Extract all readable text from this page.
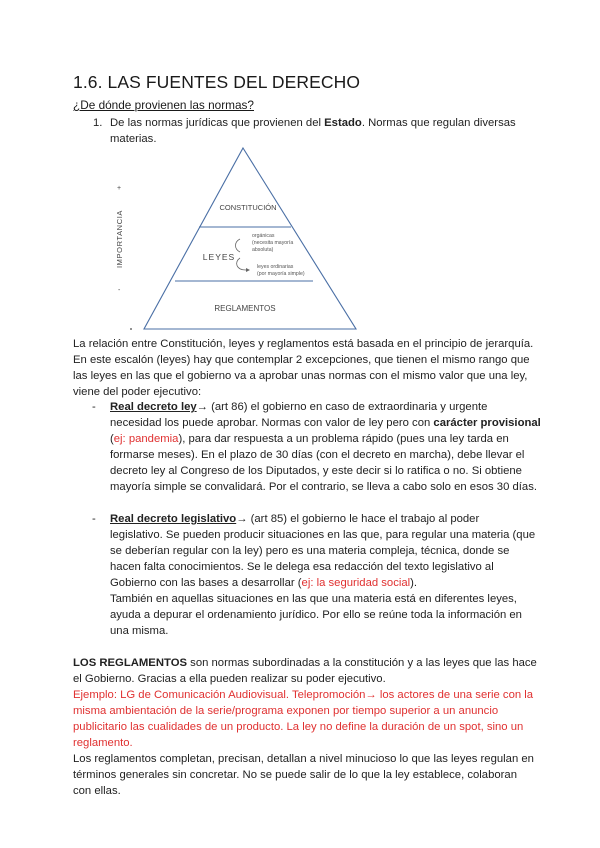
1.6. LAS FUENTES DEL DERECHO
¿De dónde provienen las normas?
1. De las normas jurídicas que provienen del Estado. Normas que regulan diversas
materias.
CONSTITUCIÓN
LEYES
REGLAMENTOS
orgánicas
(necesita mayoría
absoluta)
leyes ordinarias
(por mayoría simple)
+
IMPORTANCIA
-
La relación entre Constitución, leyes y reglamentos está basada en el principio de jerarquía.
En este escalón (leyes) hay que contemplar 2 excepciones, que tienen el mismo rango que
las leyes en las que el gobierno va a aprobar unas normas con el mismo valor que una ley,
viene del poder ejecutivo:
- Real decreto ley→ (art 86) el gobierno en caso de extraordinaria y urgente
necesidad los puede aprobar. Normas con valor de ley pero con carácter provisional
(ej: pandemia), para dar respuesta a un problema rápido (pues una ley tarda en
formarse meses). En el plazo de 30 días (con el decreto en marcha), debe llevar el
decreto ley al Congreso de los Diputados, y este decir si lo ratifica o no. Si obtiene
mayoría simple se convalidará. Por el contrario, se lleva a cabo solo en esos 30 días.
- Real decreto legislativo→ (art 85) el gobierno le hace el trabajo al poder
legislativo. Se pueden producir situaciones en las que, para regular una materia (que
se deberían regular con la ley) pero es una materia compleja, técnica, donde se
hacen falta conocimientos. Se le delega esa redacción del texto legislativo al
Gobierno con las bases a desarrollar (ej: la seguridad social).
También en aquellas situaciones en las que una materia está en diferentes leyes,
ayuda a depurar el ordenamiento jurídico. Por ello se reúne toda la información en
una misma.
LOS REGLAMENTOS son normas subordinadas a la constitución y a las leyes que las hace
el Gobierno. Gracias a ella pueden realizar su poder ejecutivo.
Ejemplo: LG de Comunicación Audiovisual. Telepromoción→ los actores de una serie con la
misma ambientación de la serie/programa exponen por tiempo superior a un anuncio
publicitario las cualidades de un producto. La ley no define la duración de un spot, sino un
reglamento.
Los reglamentos completan, precisan, detallan a nivel minucioso lo que las leyes regulan en
términos generales sin concretar. No se puede salir de lo que la ley establece, colaboran
con ellas.
